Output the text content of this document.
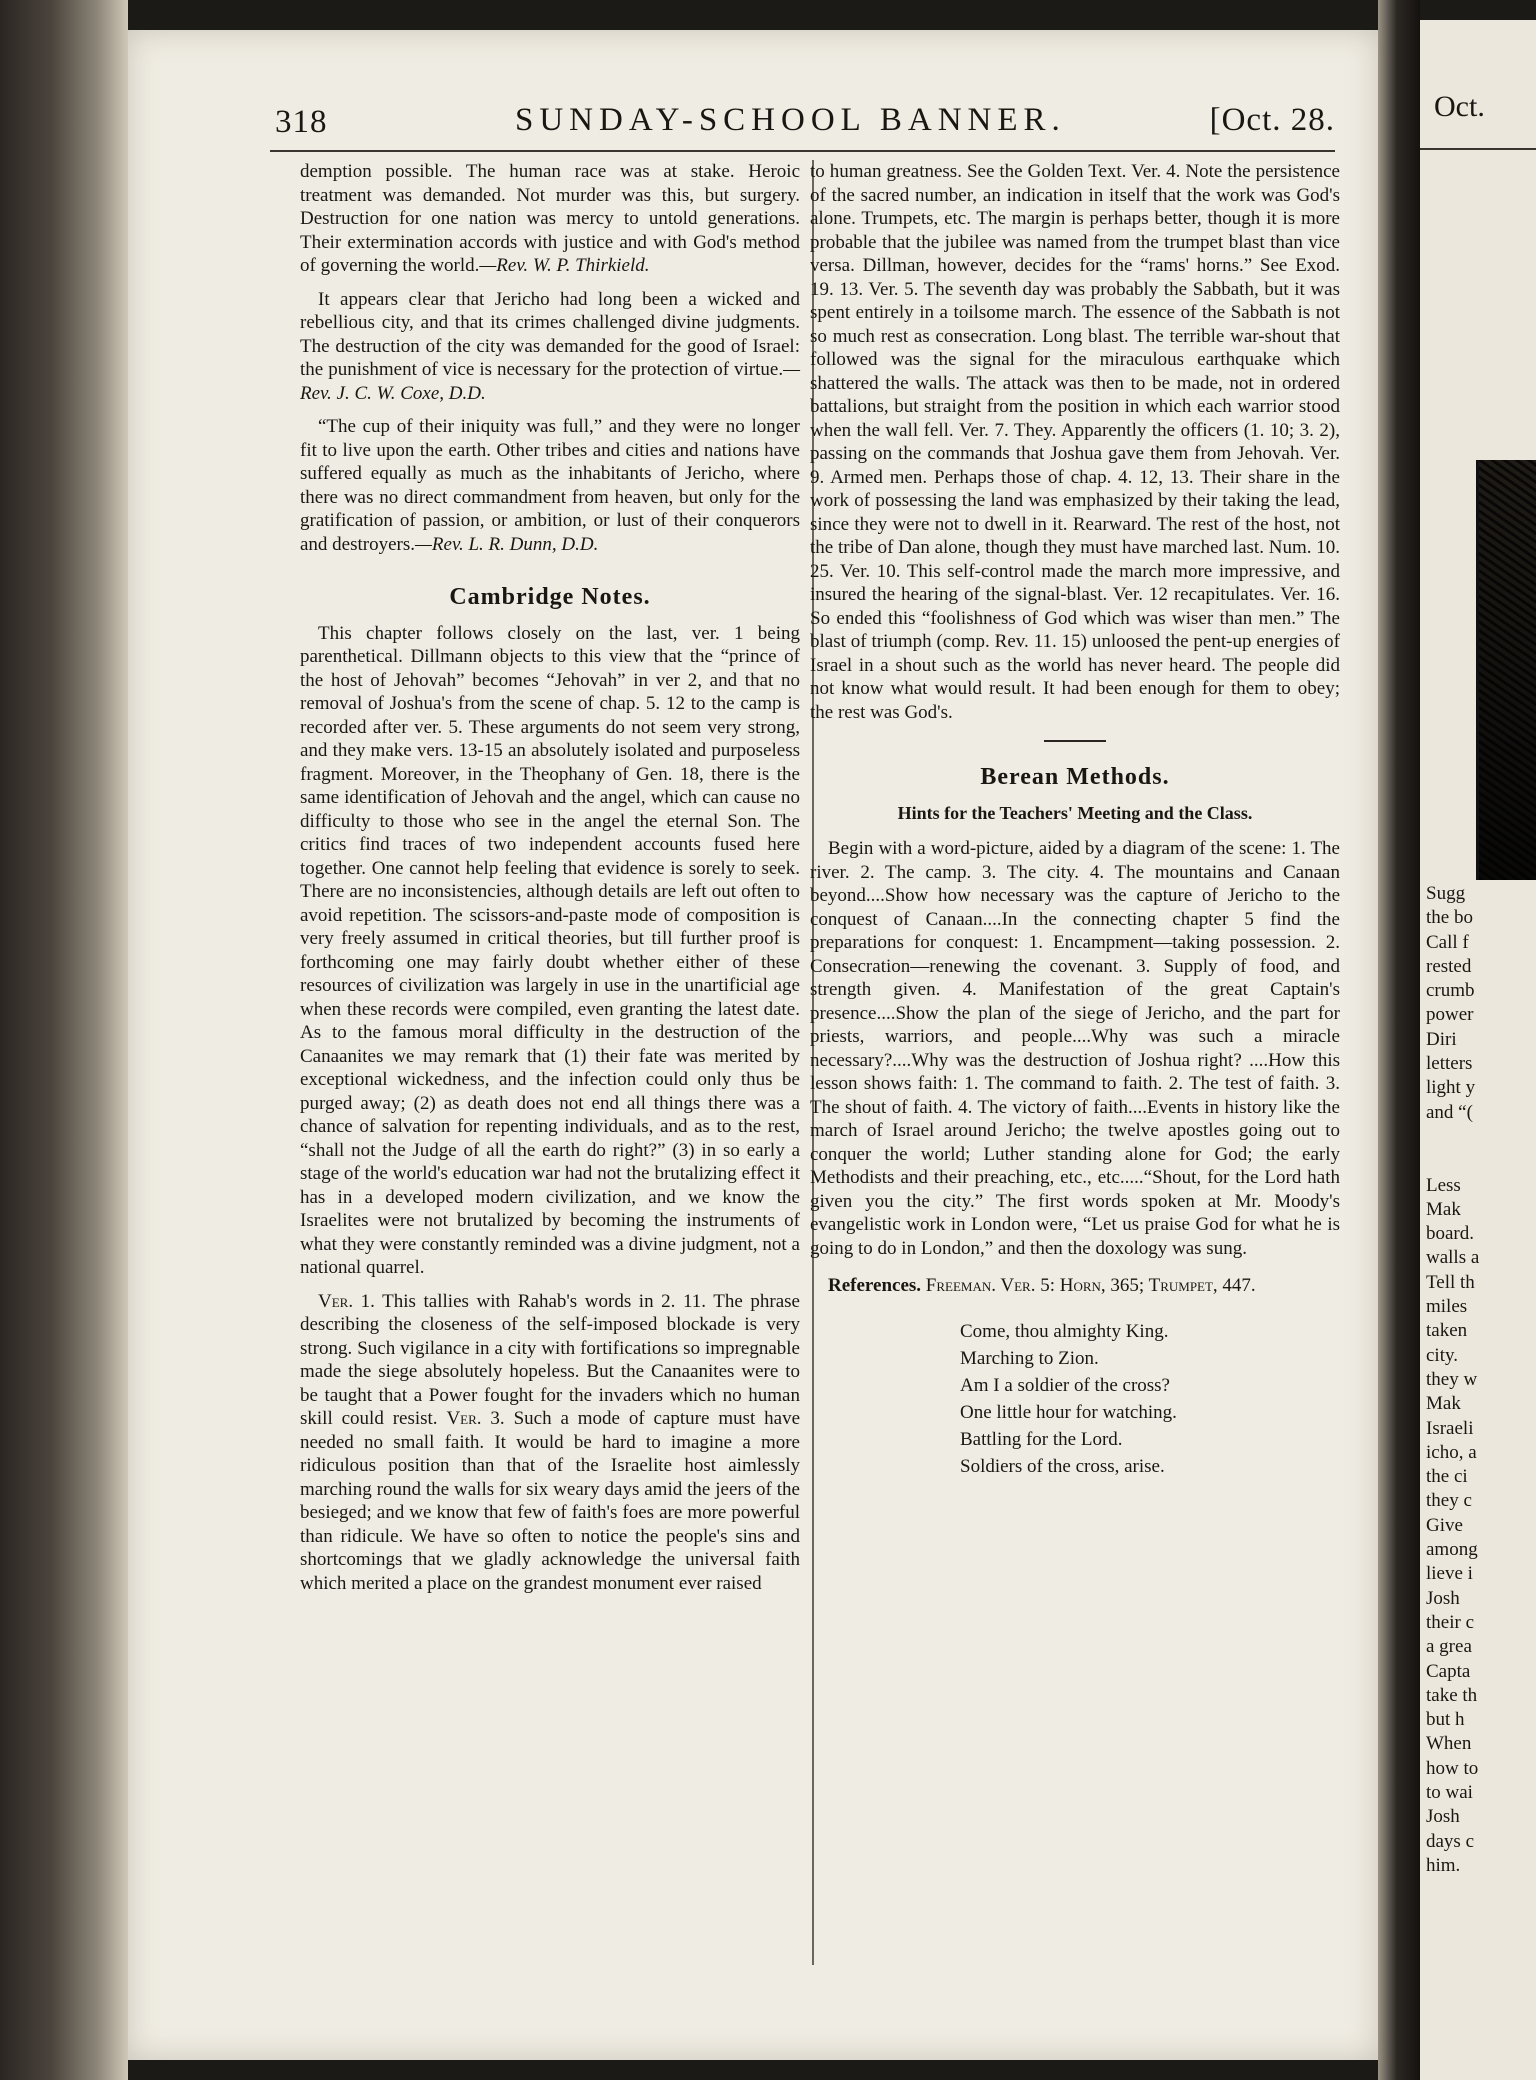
318	SUNDAY-SCHOOL BANNER.	[Oct. 28.

demption possible. The human race was at stake. Heroic treatment was demanded. Not murder was this, but surgery. Destruction for one nation was mercy to untold generations. Their extermination accords with justice and with God's method of governing the world.—Rev. W. P. Thirkield.

It appears clear that Jericho had long been a wicked and rebellious city, and that its crimes challenged divine judgments. The destruction of the city was demanded for the good of Israel: the punishment of vice is necessary for the protection of virtue.—Rev. J. C. W. Coxe, D.D.

“The cup of their iniquity was full,” and they were no longer fit to live upon the earth. Other tribes and cities and nations have suffered equally as much as the inhabitants of Jericho, where there was no direct commandment from heaven, but only for the gratification of passion, or ambition, or lust of their conquerors and destroyers.—Rev. L. R. Dunn, D.D.

Cambridge Notes.

This chapter follows closely on the last, ver. 1 being parenthetical. Dillmann objects to this view that the “prince of the host of Jehovah” becomes “Jehovah” in ver 2, and that no removal of Joshua's from the scene of chap. 5. 12 to the camp is recorded after ver. 5. These arguments do not seem very strong, and they make vers. 13-15 an absolutely isolated and purposeless fragment. Moreover, in the Theophany of Gen. 18, there is the same identification of Jehovah and the angel, which can cause no difficulty to those who see in the angel the eternal Son. The critics find traces of two independent accounts fused here together. One cannot help feeling that evidence is sorely to seek. There are no inconsistencies, although details are left out often to avoid repetition. The scissors-and-paste mode of composition is very freely assumed in critical theories, but till further proof is forthcoming one may fairly doubt whether either of these resources of civilization was largely in use in the unartificial age when these records were compiled, even granting the latest date. As to the famous moral difficulty in the destruction of the Canaanites we may remark that (1) their fate was merited by exceptional wickedness, and the infection could only thus be purged away; (2) as death does not end all things there was a chance of salvation for repenting individuals, and as to the rest, “shall not the Judge of all the earth do right?” (3) in so early a stage of the world's education war had not the brutalizing effect it has in a developed modern civilization, and we know the Israelites were not brutalized by becoming the instruments of what they were constantly reminded was a divine judgment, not a national quarrel.

Ver. 1. This tallies with Rahab's words in 2. 11. The phrase describing the closeness of the self-imposed blockade is very strong. Such vigilance in a city with fortifications so impregnable made the siege absolutely hopeless. But the Canaanites were to be taught that a Power fought for the invaders which no human skill could resist. Ver. 3. Such a mode of capture must have needed no small faith. It would be hard to imagine a more ridiculous position than that of the Israelite host aimlessly marching round the walls for six weary days amid the jeers of the besieged; and we know that few of faith's foes are more powerful than ridicule. We have so often to notice the people's sins and shortcomings that we gladly acknowledge the universal faith which merited a place on the grandest monument ever raised

to human greatness. See the Golden Text. Ver. 4. Note the persistence of the sacred number, an indication in itself that the work was God's alone. Trumpets, etc. The margin is perhaps better, though it is more probable that the jubilee was named from the trumpet blast than vice versa. Dillman, however, decides for the “rams' horns.” See Exod. 19. 13. Ver. 5. The seventh day was probably the Sabbath, but it was spent entirely in a toilsome march. The essence of the Sabbath is not so much rest as consecration. Long blast. The terrible war-shout that followed was the signal for the miraculous earthquake which shattered the walls. The attack was then to be made, not in ordered battalions, but straight from the position in which each warrior stood when the wall fell. Ver. 7. They. Apparently the officers (1. 10; 3. 2), passing on the commands that Joshua gave them from Jehovah. Ver. 9. Armed men. Perhaps those of chap. 4. 12, 13. Their share in the work of possessing the land was emphasized by their taking the lead, since they were not to dwell in it. Rearward. The rest of the host, not the tribe of Dan alone, though they must have marched last. Num. 10. 25. Ver. 10. This self-control made the march more impressive, and insured the hearing of the signal-blast. Ver. 12 recapitulates. Ver. 16. So ended this “foolishness of God which was wiser than men.” The blast of triumph (comp. Rev. 11. 15) unloosed the pent-up energies of Israel in a shout such as the world has never heard. The people did not know what would result. It had been enough for them to obey; the rest was God's.

Berean Methods.
Hints for the Teachers' Meeting and the Class.

Begin with a word-picture, aided by a diagram of the scene: 1. The river. 2. The camp. 3. The city. 4. The mountains and Canaan beyond....Show how necessary was the capture of Jericho to the conquest of Canaan....In the connecting chapter 5 find the preparations for conquest: 1. Encampment—taking possession. 2. Consecration—renewing the covenant. 3. Supply of food, and strength given. 4. Manifestation of the great Captain's presence....Show the plan of the siege of Jericho, and the part for priests, warriors, and people....Why was such a miracle necessary?....Why was the destruction of Joshua right? ....How this lesson shows faith: 1. The command to faith. 2. The test of faith. 3. The shout of faith. 4. The victory of faith....Events in history like the march of Israel around Jericho; the twelve apostles going out to conquer the world; Luther standing alone for God; the early Methodists and their preaching, etc., etc.....“Shout, for the Lord hath given you the city.” The first words spoken at Mr. Moody's evangelistic work in London were, “Let us praise God for what he is going to do in London,” and then the doxology was sung.

References. Freeman. Ver. 5: Horn, 365; Trumpet, 447.

Come, thou almighty King.
Marching to Zion.
Am I a soldier of the cross?
One little hour for watching.
Battling for the Lord.
Soldiers of the cross, arise.
Oct.
Sugg
the bo
Call f
rested
crumb
power
Diri
letters
light y
and “(
Less
Mak
board.
walls a
Tell th
miles
taken
city.
they w
Mak
Israeli
icho, a
the ci
they c
Give
among
lieve i
Josh
their c
a grea
Capta
take th
but h
When
how to
to wai
Josh
days c
him.
